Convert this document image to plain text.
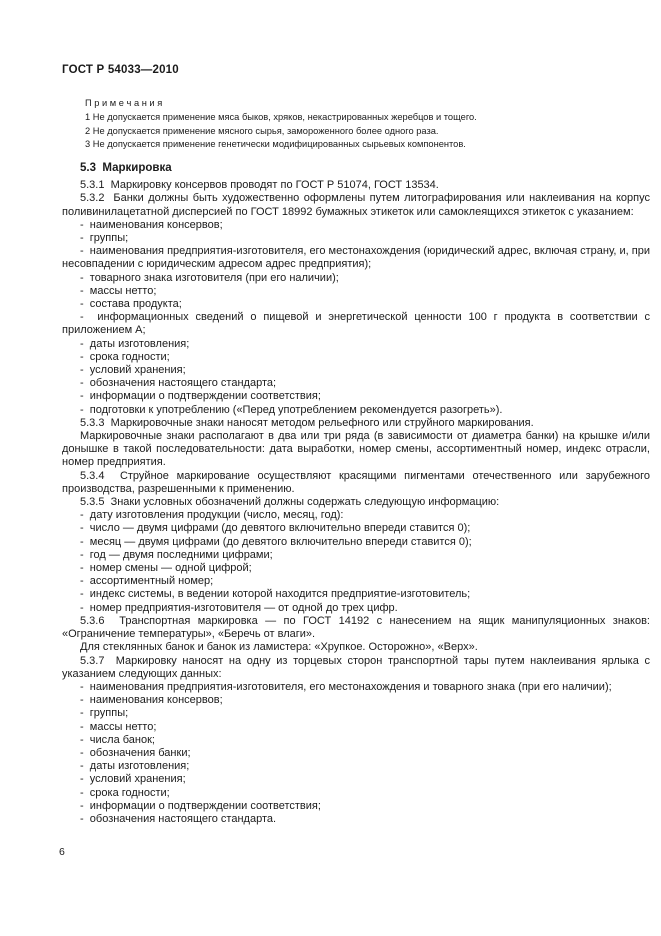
ГОСТ Р 54033—2010
П р и м е ч а н и я

1 Не допускается применение мяса быков, хряков, некастрированных жеребцов и тощего.

2 Не допускается применение мясного сырья, замороженного более одного раза.

3 Не допускается применение генетически модифицированных сырьевых компонентов.

5.3  Маркировка

5.3.1  Маркировку консервов проводят по ГОСТ Р 51074, ГОСТ 13534.

5.3.2  Банки должны быть художественно оформлены путем литографирования или наклеивания на корпус поливинилацетатной дисперсией по ГОСТ 18992 бумажных этикеток или самоклеящихся этикеток с указанием:

-  наименования консервов;

-  группы;

-  наименования предприятия-изготовителя, его местонахождения (юридический адрес, включая страну, и, при несовпадении с юридическим адресом адрес предприятия);

-  товарного знака изготовителя (при его наличии);

-  массы нетто;

-  состава продукта;

-  информационных сведений о пищевой и энергетической ценности 100 г продукта в соответствии с приложением А;

-  даты изготовления;

-  срока годности;

-  условий хранения;

-  обозначения настоящего стандарта;

-  информации о подтверждении соответствия;

-  подготовки к употреблению («Перед употреблением рекомендуется разогреть»).

5.3.3  Маркировочные знаки наносят методом рельефного или струйного маркирования.

Маркировочные знаки располагают в два или три ряда (в зависимости от диаметра банки) на крышке и/или донышке в такой последовательности: дата выработки, номер смены, ассортиментный номер, индекс отрасли, номер предприятия.

5.3.4  Струйное маркирование осуществляют красящими пигментами отечественного или зарубежного производства, разрешенными к применению.

5.3.5  Знаки условных обозначений должны содержать следующую информацию:

-  дату изготовления продукции (число, месяц, год):

-  число — двумя цифрами (до девятого включительно впереди ставится 0);

-  месяц — двумя цифрами (до девятого включительно впереди ставится 0);

-  год — двумя последними цифрами;

-  номер смены — одной цифрой;

-  ассортиментный номер;

-  индекс системы, в ведении которой находится предприятие-изготовитель;

-  номер предприятия-изготовителя — от одной до трех цифр.

5.3.6  Транспортная маркировка — по ГОСТ 14192 с нанесением на ящик манипуляционных знаков: «Ограничение температуры», «Беречь от влаги».

Для стеклянных банок и банок из ламистера: «Хрупкое. Осторожно», «Верх».

5.3.7  Маркировку наносят на одну из торцевых сторон транспортной тары путем наклеивания ярлыка с указанием следующих данных:

-  наименования предприятия-изготовителя, его местонахождения и товарного знака (при его наличии);

-  наименования консервов;

-  группы;

-  массы нетто;

-  числа банок;

-  обозначения банки;

-  даты изготовления;

-  условий хранения;

-  срока годности;

-  информации о подтверждении соответствия;

-  обозначения настоящего стандарта.

6
